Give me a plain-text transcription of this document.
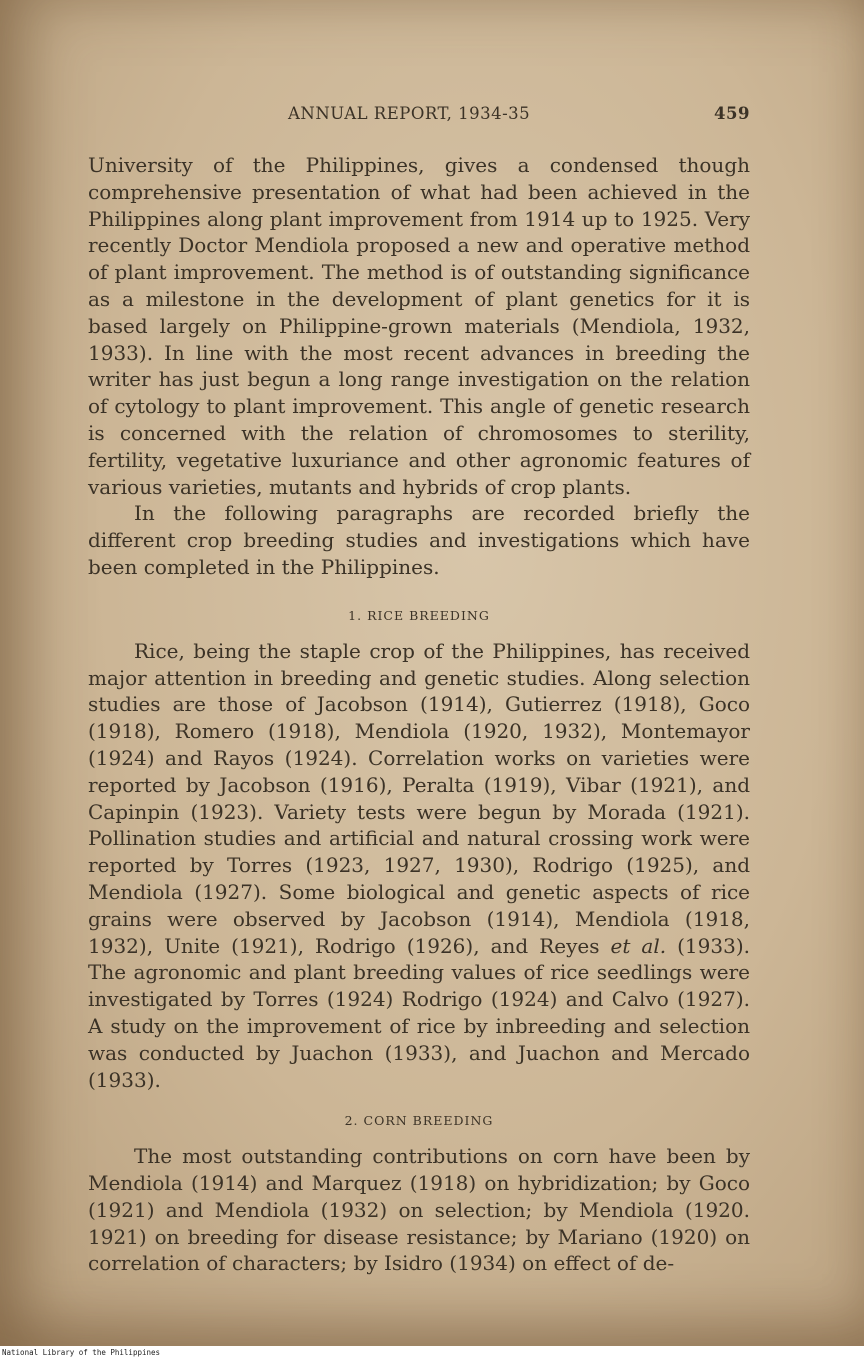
ANNUAL REPORT, 1934-35	459

University of the Philippines, gives a condensed though comprehensive presentation of what had been achieved in the Philippines along plant improvement from 1914 up to 1925. Very recently Doctor Mendiola proposed a new and operative method of plant improvement. The method is of outstanding significance as a milestone in the development of plant genetics for it is based largely on Philippine-grown materials (Mendiola, 1932, 1933). In line with the most recent advances in breeding the writer has just begun a long range investigation on the relation of cytology to plant improvement. This angle of genetic research is concerned with the relation of chromosomes to sterility, fertility, vegetative luxuriance and other agronomic features of various varieties, mutants and hybrids of crop plants.

In the following paragraphs are recorded briefly the different crop breeding studies and investigations which have been completed in the Philippines.

1. RICE BREEDING

Rice, being the staple crop of the Philippines, has received major attention in breeding and genetic studies. Along selection studies are those of Jacobson (1914), Gutierrez (1918), Goco (1918), Romero (1918), Mendiola (1920, 1932), Montemayor (1924) and Rayos (1924). Correlation works on varieties were reported by Jacobson (1916), Peralta (1919), Vibar (1921), and Capinpin (1923). Variety tests were begun by Morada (1921). Pollination studies and artificial and natural crossing work were reported by Torres (1923, 1927, 1930), Rodrigo (1925), and Mendiola (1927). Some biological and genetic aspects of rice grains were observed by Jacobson (1914), Mendiola (1918, 1932), Unite (1921), Rodrigo (1926), and Reyes et al. (1933). The agronomic and plant breeding values of rice seedlings were investigated by Torres (1924) Rodrigo (1924) and Calvo (1927). A study on the improvement of rice by inbreeding and selection was conducted by Juachon (1933), and Juachon and Mercado (1933).

2. CORN BREEDING

The most outstanding contributions on corn have been by Mendiola (1914) and Marquez (1918) on hybridization; by Goco (1921) and Mendiola (1932) on selection; by Mendiola (1920. 1921) on breeding for disease resistance; by Mariano (1920) on correlation of characters; by Isidro (1934) on effect of de-

National Library of the Philippines
